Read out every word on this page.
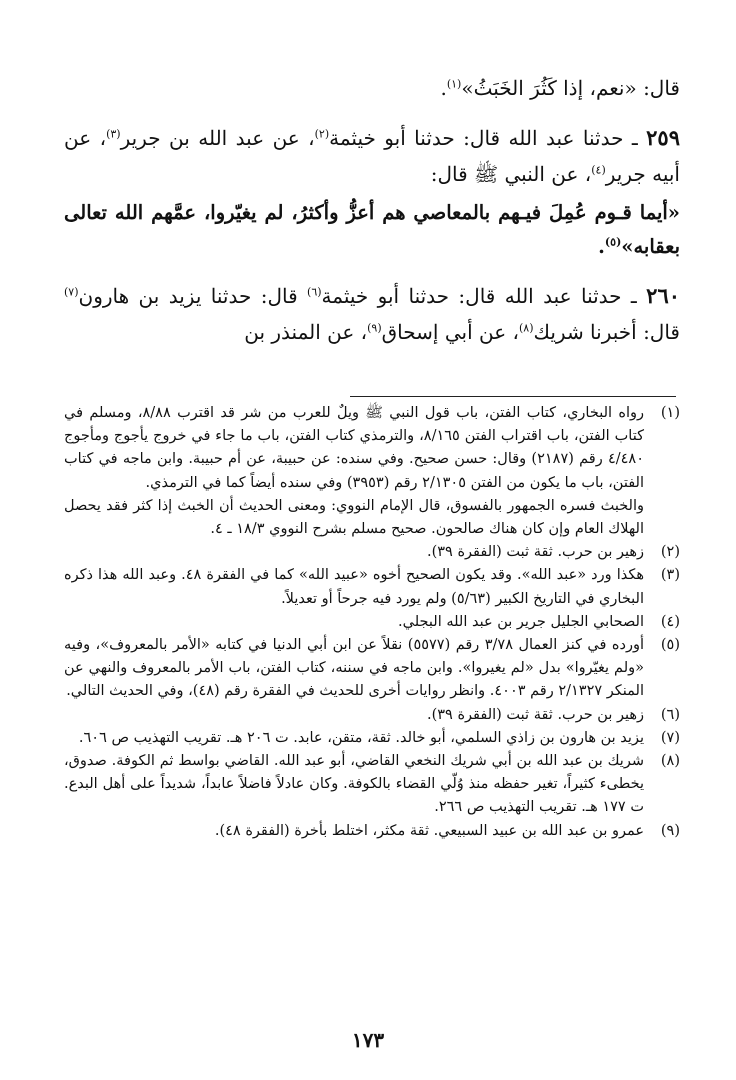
قال: «نعم، إذا كَثُرَ الخَبَثُ»$^{(١)}$.
٢٥٩ ـ حدثنا عبد الله قال: حدثنا أبو خيثمة$^{(٢)}$، عن عبد الله بن جرير$^{(٣)}$، عن أبيه جرير$^{(٤)}$، عن النبي ﷺ قال:
«أيما قـوم عُمِلَ فيـهم بالمعاصي هم أعزُّ وأكثرُ، لم يغيّروا، عمَّهم الله تعالى بعقابه»$^{(٥)}$.
٢٦٠ ـ حدثنا عبد الله قال: حدثنا أبو خيثمة$^{(٦)}$ قال: حدثنا يزيد بن هارون$^{(٧)}$ قال: أخبرنا شريك$^{(٨)}$، عن أبي إسحاق$^{(٩)}$، عن المنذر بن
(١)

رواه البخاري، كتاب الفتن، باب قول النبي ﷺ ويلٌ للعرب من شر قد اقترب ٨/٨٨، ومسلم في كتاب الفتن، باب اقتراب الفتن ٨/١٦٥، والترمذي كتاب الفتن، باب ما جاء في خروج يأجوج ومأجوج ٤/٤٨٠ رقم (٢١٨٧) وقال: حسن صحيح. وفي سنده: عن حبيبة، عن أم حبيبة. وابن ماجه في كتاب الفتن، باب ما يكون من الفتن ٢/١٣٠٥ رقم (٣٩٥٣) وفي سنده أيضاً كما في الترمذي.

والخبث فسره الجمهور بالفسوق، قال الإمام النووي: ومعنى الحديث أن الخبث إذا كثر فقد يحصل الهلاك العام وإن كان هناك صالحون. صحيح مسلم بشرح النووي ١٨/٣ ـ ٤.

(٢)

زهير بن حرب. ثقة ثبت (الفقرة ٣٩).

(٣)

هكذا ورد «عبد الله». وقد يكون الصحيح أخوه «عبيد الله» كما في الفقرة ٤٨. وعبد الله هذا ذكره البخاري في التاريخ الكبير (٥/٦٣) ولم يورد فيه جرحاً أو تعديلاً.

(٤)

الصحابي الجليل جرير بن عبد الله البجلي.

(٥)

أورده في كنز العمال ٣/٧٨ رقم (٥٥٧٧) نقلاً عن ابن أبي الدنيا في كتابه «الأمر بالمعروف»، وفيه «ولم يغيّروا» بدل «لم يغيروا». وابن ماجه في سننه، كتاب الفتن، باب الأمر بالمعروف والنهي عن المنكر ٢/١٣٢٧ رقم ٤٠٠٣. وانظر روايات أخرى للحديث في الفقرة رقم (٤٨)، وفي الحديث التالي.

(٦)

زهير بن حرب. ثقة ثبت (الفقرة ٣٩).

(٧)

يزيد بن هارون بن زاذي السلمي، أبو خالد. ثقة، متقن، عابد. ت ٢٠٦ هـ. تقريب التهذيب ص ٦٠٦.

(٨)

شريك بن عبد الله بن أبي شريك النخعي القاضي، أبو عبد الله. القاضي بواسط ثم الكوفة. صدوق، يخطىء كثيراً، تغير حفظه منذ وُلّي القضاء بالكوفة. وكان عادلاً فاضلاً عابداً، شديداً على أهل البدع. ت ١٧٧ هـ. تقريب التهذيب ص ٢٦٦.

(٩)

عمرو بن عبد الله بن عبيد السبيعي. ثقة مكثر، اختلط بأخرة (الفقرة ٤٨).

١٧٣
